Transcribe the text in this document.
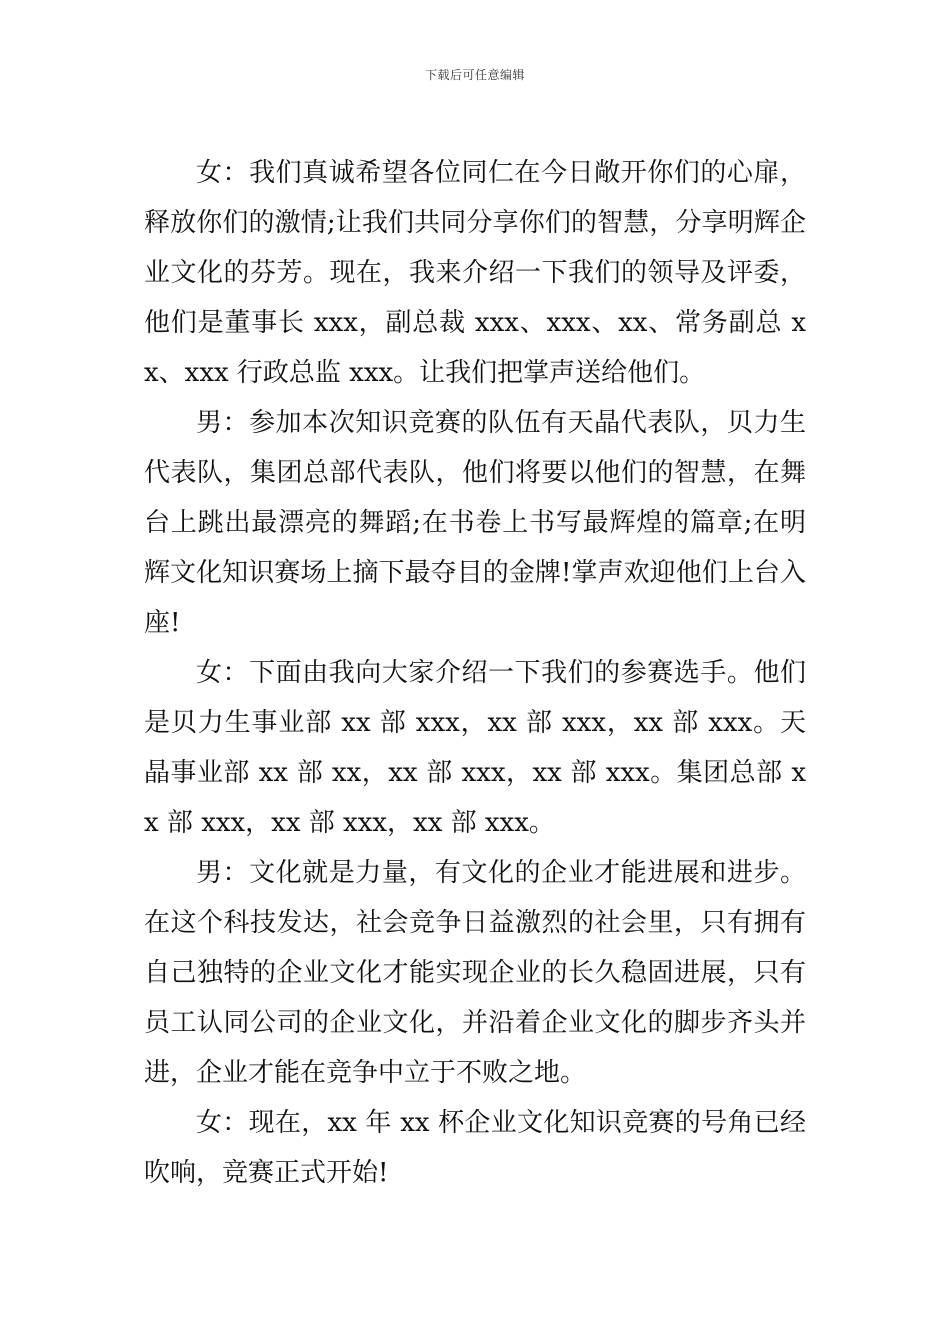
下载后可任意编辑

女：我们真诚希望各位同仁在今日敞开你们的心扉，释放你们的激情;让我们共同分享你们的智慧，分享明辉企业文化的芬芳。现在，我来介绍一下我们的领导及评委，他们是董事长 xxx，副总裁 xxx、xxx、xx、常务副总 xx、xxx 行政总监 xxx。让我们把掌声送给他们。

男：参加本次知识竞赛的队伍有天晶代表队，贝力生代表队，集团总部代表队，他们将要以他们的智慧，在舞台上跳出最漂亮的舞蹈;在书卷上书写最辉煌的篇章;在明辉文化知识赛场上摘下最夺目的金牌!掌声欢迎他们上台入座!

女：下面由我向大家介绍一下我们的参赛选手。他们是贝力生事业部 xx 部 xxx，xx 部 xxx，xx 部 xxx。天晶事业部 xx 部 xx，xx 部 xxx，xx 部 xxx。集团总部 xx 部 xxx，xx 部 xxx，xx 部 xxx。

男：文化就是力量，有文化的企业才能进展和进步。在这个科技发达，社会竞争日益激烈的社会里，只有拥有自己独特的企业文化才能实现企业的长久稳固进展，只有员工认同公司的企业文化，并沿着企业文化的脚步齐头并进，企业才能在竞争中立于不败之地。

女：现在，xx 年 xx 杯企业文化知识竞赛的号角已经吹响，竞赛正式开始!
